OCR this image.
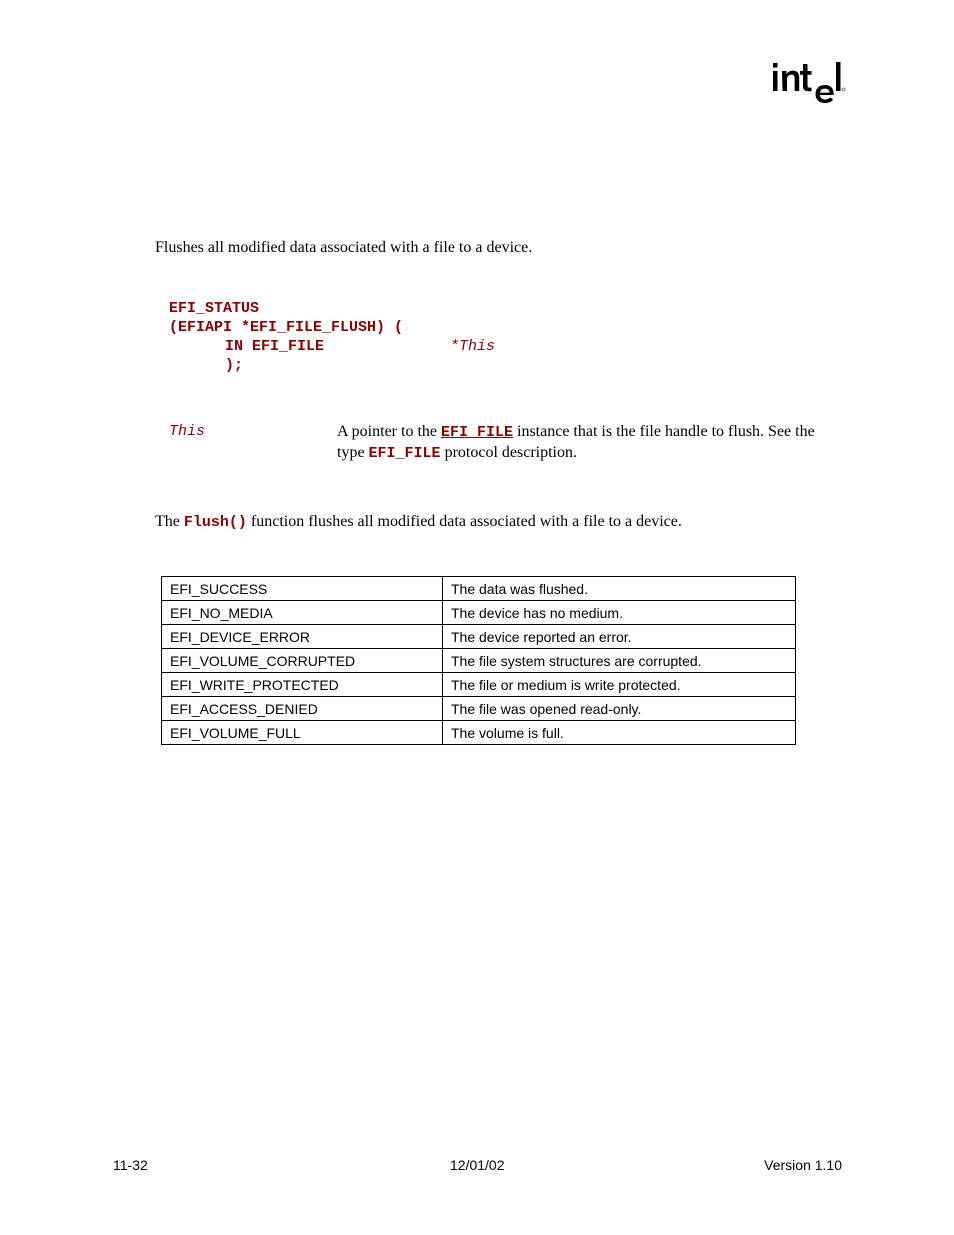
Flushes all modified data associated with a file to a device.
EFI_STATUS
(EFIAPI *EFI_FILE_FLUSH) (
IN EFI_FILE	*This
);
This	A pointer to the EFI_FILE instance that is the file handle to flush. See the type EFI_FILE protocol description.
The Flush() function flushes all modified data associated with a file to a device.
EFI_SUCCESS	The data was flushed.
EFI_NO_MEDIA	The device has no medium.
EFI_DEVICE_ERROR	The device reported an error.
EFI_VOLUME_CORRUPTED	The file system structures are corrupted.
EFI_WRITE_PROTECTED	The file or medium is write protected.
EFI_ACCESS_DENIED	The file was opened read-only.
EFI_VOLUME_FULL	The volume is full.
11-32	12/01/02	Version 1.10
